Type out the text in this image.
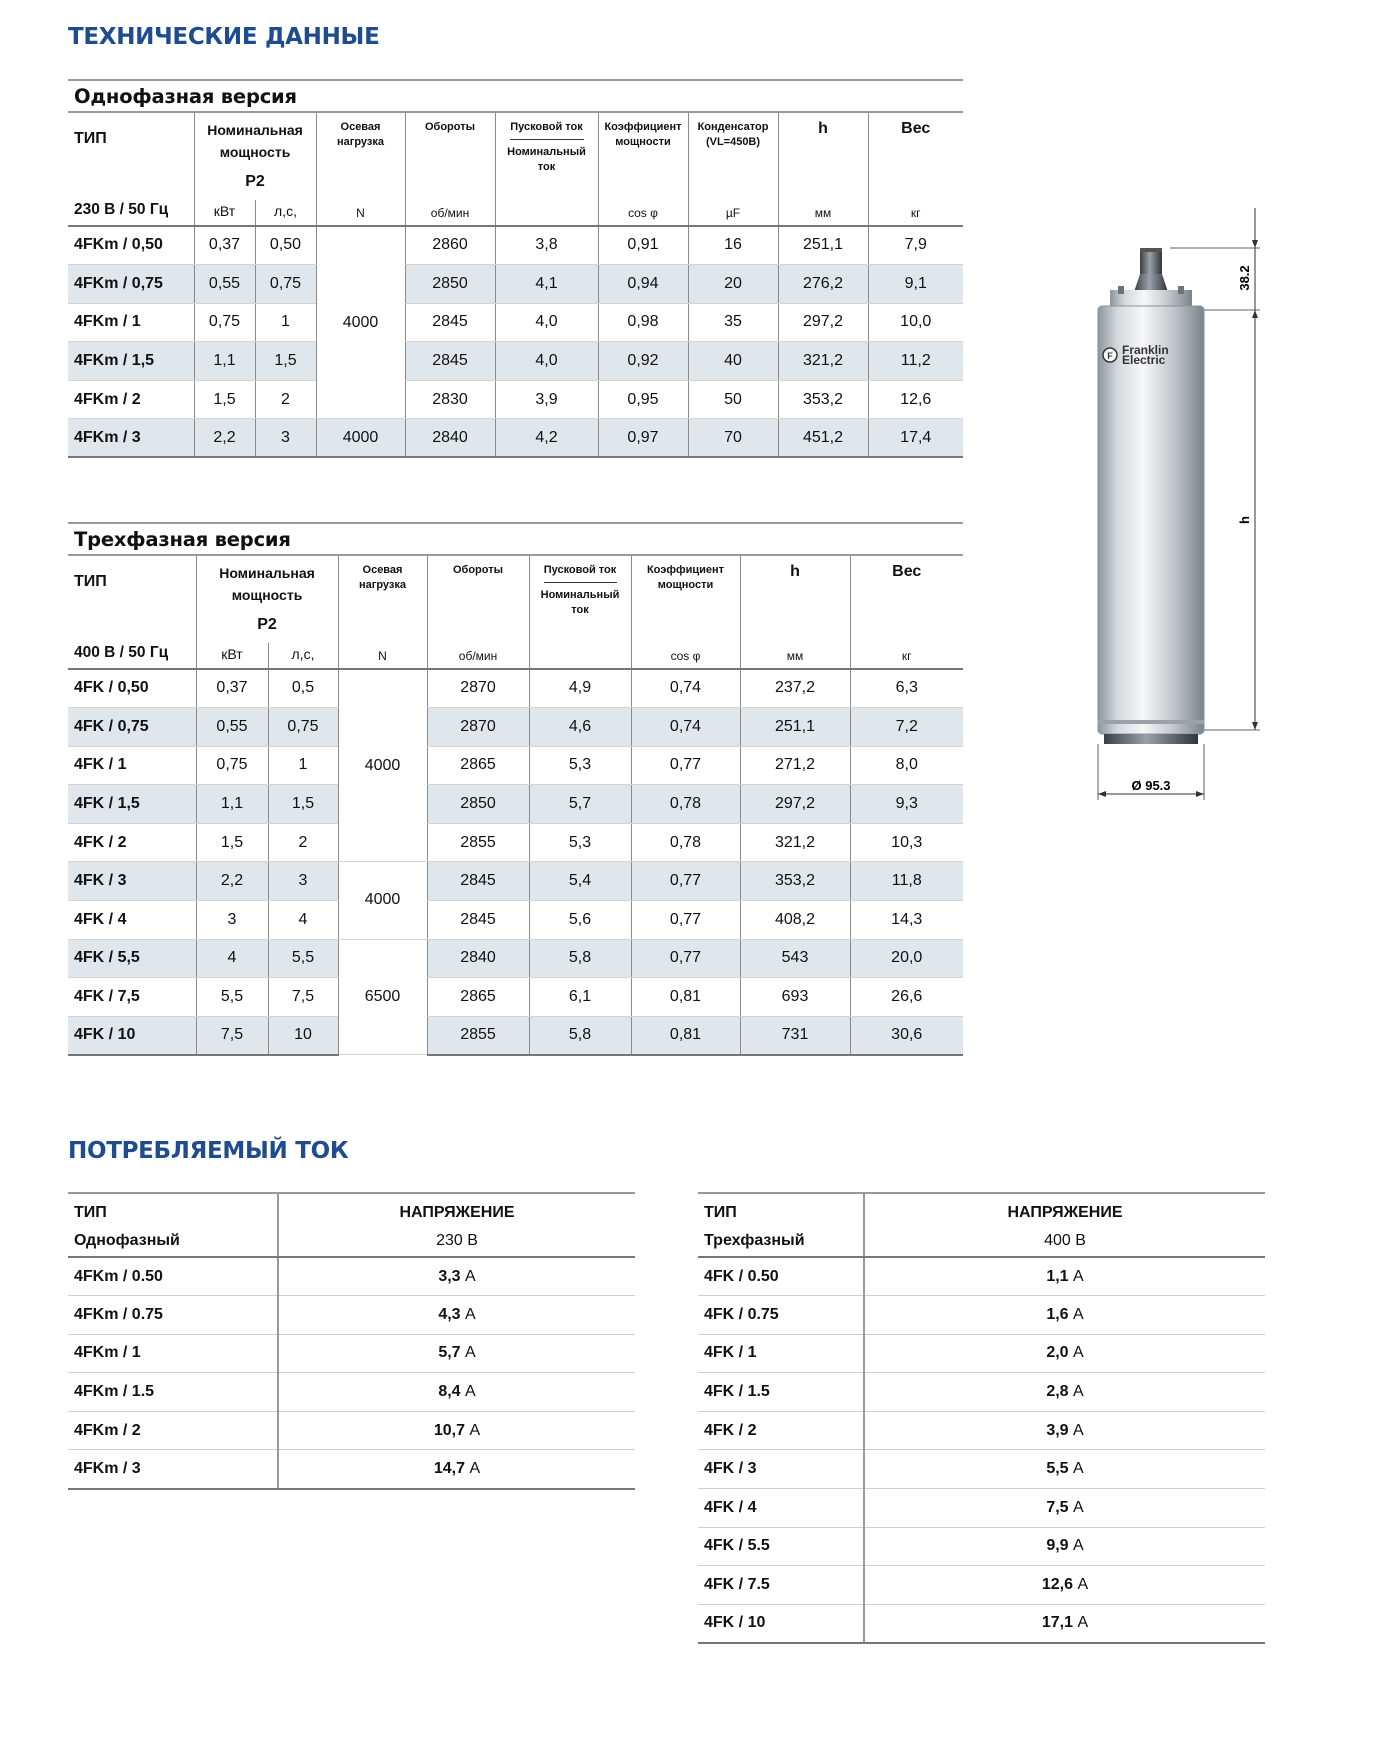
ТЕХНИЧЕСКИЕ ДАННЫЕ
Однофазная версия
ТИП	Номинальная мощность
P2		Осевая нагрузка	Обороты	Пусковой ток
Номинальный ток	Коэффициент мощности	Конденсатор (VL=450В)	h	Вес
230 В / 50 Гц	кВт	л,с,	N	об/мин		cos φ	µF	мм	кг
4FKm / 0,50	0,37	0,50	4000	2860	3,8	0,91	16	251,1	7,9
4FKm / 0,75	0,55	0,75		2850	4,1	0,94	20	276,2	9,1
4FKm / 1	0,75	1		2845	4,0	0,98	35	297,2	10,0
4FKm / 1,5	1,1	1,5		2845	4,0	0,92	40	321,2	11,2
4FKm / 2	1,5	2		2830	3,9	0,95	50	353,2	12,6
4FKm / 3	2,2	3	4000	2840	4,2	0,97	70	451,2	17,4
Трехфазная версия
ТИП	Номинальная мощность
P2		Осевая нагрузка	Обороты	Пусковой ток
Номинальный ток	Коэффициент мощности	h	Вес
400 В / 50 Гц	кВт	л,с,	N	об/мин		cos φ	мм	кг
4FK / 0,50	0,37	0,5	4000	2870	4,9	0,74	237,2	6,3
4FK / 0,75	0,55	0,75		2870	4,6	0,74	251,1	7,2
4FK / 1	0,75	1		2865	5,3	0,77	271,2	8,0
4FK / 1,5	1,1	1,5		2850	5,7	0,78	297,2	9,3
4FK / 2	1,5	2		2855	5,3	0,78	321,2	10,3
4FK / 3	2,2	3	4000	2845	5,4	0,77	353,2	11,8
4FK / 4	3	4		2845	5,6	0,77	408,2	14,3
4FK / 5,5	4	5,5	6500	2840	5,8	0,77	543	20,0
4FK / 7,5	5,5	7,5		2865	6,1	0,81	693	26,6
4FK / 10	7,5	10		2855	5,8	0,81	731	30,6
38.2
h
F Franklin
Electric
Ø 95.3
ПОТРЕБЛЯЕМЫЙ ТОК
ТИП	НАПРЯЖЕНИЕ
Однофазный	230 В
4FKm / 0.50	3,3 А
4FKm / 0.75	4,3 А
4FKm / 1	5,7 А
4FKm / 1.5	8,4 А
4FKm / 2	10,7 А
4FKm / 3	14,7 А
ТИП	НАПРЯЖЕНИЕ
Трехфазный	400 В
4FK / 0.50	1,1 А
4FK / 0.75	1,6 А
4FK / 1	2,0 А
4FK / 1.5	2,8 А
4FK / 2	3,9 А
4FK / 3	5,5 А
4FK / 4	7,5 А
4FK / 5.5	9,9 А
4FK / 7.5	12,6 А
4FK / 10	17,1 А
